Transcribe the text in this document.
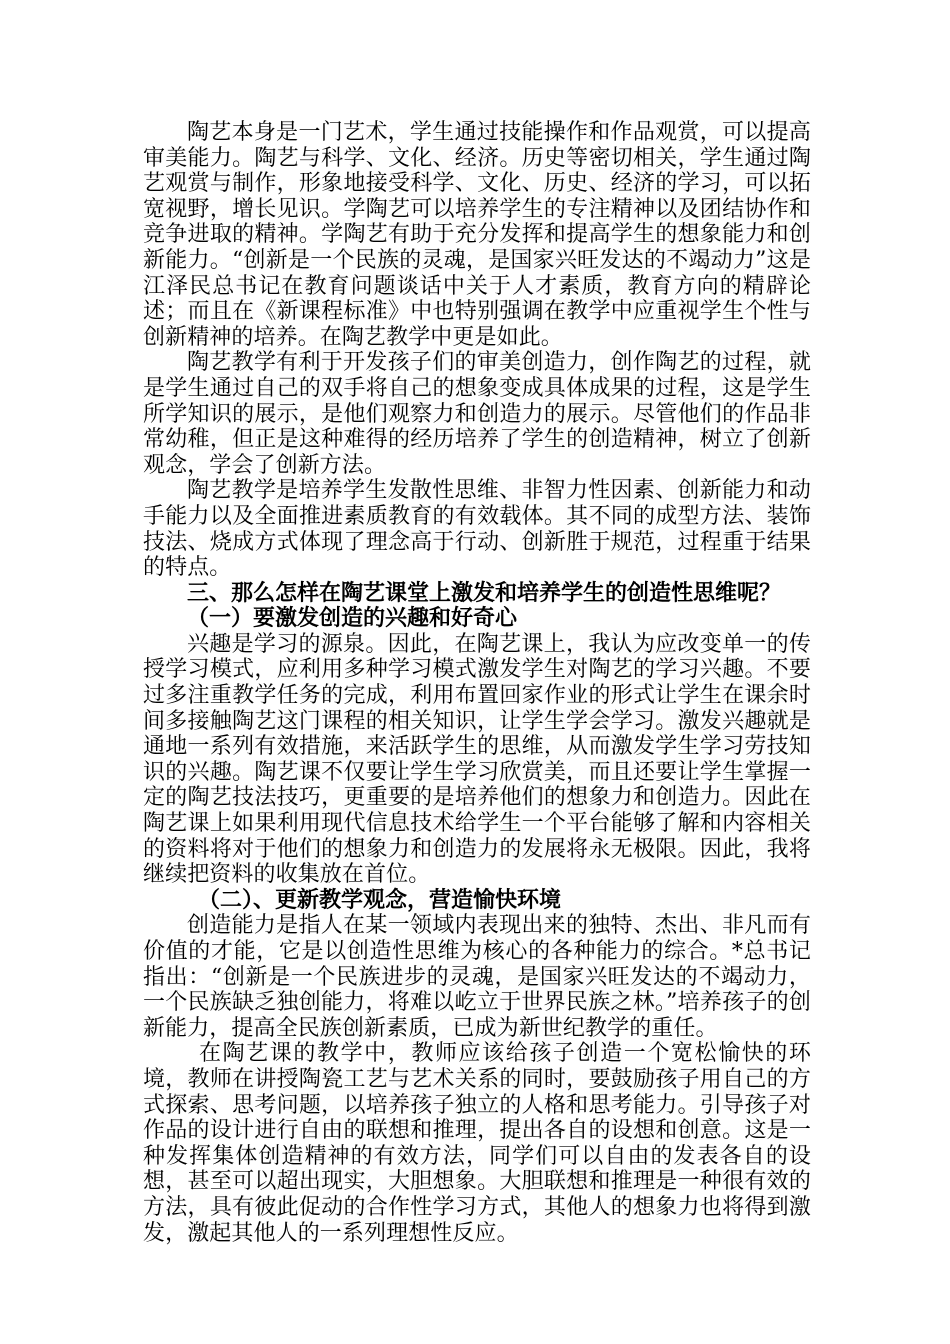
陶艺本身是一门艺术，学生通过技能操作和作品观赏，可以提高审美能力。陶艺与科学、文化、经济。历史等密切相关，学生通过陶艺观赏与制作，形象地接受科学、文化、历史、经济的学习，可以拓宽视野，增长见识。学陶艺可以培养学生的专注精神以及团结协作和竞争进取的精神。学陶艺有助于充分发挥和提高学生的想象能力和创新能力。“创新是一个民族的灵魂，是国家兴旺发达的不竭动力”这是江泽民总书记在教育问题谈话中关于人才素质，教育方向的精辟论述；而且在《新课程标准》中也特别强调在教学中应重视学生个性与创新精神的培养。在陶艺教学中更是如此。

陶艺教学有利于开发孩子们的审美创造力，创作陶艺的过程，就是学生通过自己的双手将自己的想象变成具体成果的过程，这是学生所学知识的展示，是他们观察力和创造力的展示。尽管他们的作品非常幼稚，但正是这种难得的经历培养了学生的创造精神，树立了创新观念，学会了创新方法。

陶艺教学是培养学生发散性思维、非智力性因素、创新能力和动手能力以及全面推进素质教育的有效载体。其不同的成型方法、装饰技法、烧成方式体现了理念高于行动、创新胜于规范，过程重于结果的特点。

三、那么怎样在陶艺课堂上激发和培养学生的创造性思维呢？

（一）要激发创造的兴趣和好奇心

兴趣是学习的源泉。因此，在陶艺课上，我认为应改变单一的传授学习模式，应利用多种学习模式激发学生对陶艺的学习兴趣。不要过多注重教学任务的完成，利用布置回家作业的形式让学生在课余时间多接触陶艺这门课程的相关知识，让学生学会学习。激发兴趣就是通地一系列有效措施，来活跃学生的思维，从而激发学生学习劳技知识的兴趣。陶艺课不仅要让学生学习欣赏美，而且还要让学生掌握一定的陶艺技法技巧，更重要的是培养他们的想象力和创造力。因此在陶艺课上如果利用现代信息技术给学生一个平台能够了解和内容相关的资料将对于他们的想象力和创造力的发展将永无极限。因此，我将继续把资料的收集放在首位。

（二）、更新教学观念，营造愉快环境

创造能力是指人在某一领域内表现出来的独特、杰出、非凡而有价值的才能，它是以创造性思维为核心的各种能力的综合。*总书记指出：“创新是一个民族进步的灵魂，是国家兴旺发达的不竭动力，一个民族缺乏独创能力，将难以屹立于世界民族之林。”培养孩子的创新能力，提高全民族创新素质，已成为新世纪教学的重任。

在陶艺课的教学中，教师应该给孩子创造一个宽松愉快的环境，教师在讲授陶瓷工艺与艺术关系的同时，要鼓励孩子用自己的方式探索、思考问题，以培养孩子独立的人格和思考能力。引导孩子对作品的设计进行自由的联想和推理，提出各自的设想和创意。这是一种发挥集体创造精神的有效方法，同学们可以自由的发表各自的设想，甚至可以超出现实，大胆想象。大胆联想和推理是一种很有效的方法，具有彼此促动的合作性学习方式，其他人的想象力也将得到激发，激起其他人的一系列理想性反应。
